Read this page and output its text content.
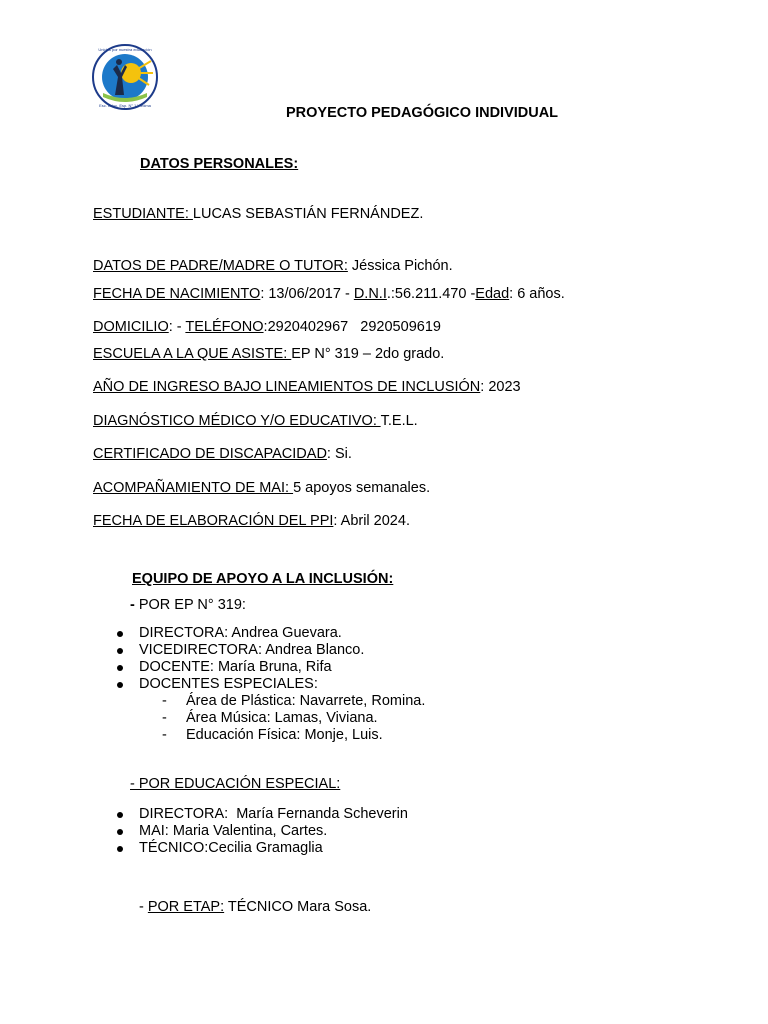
Unidos por nuestra educación
Esc. Educ. Esp. N° 1 Viedma	PROYECTO PEDAGÓGICO INDIVIDUAL
DATOS PERSONALES:
ESTUDIANTE: LUCAS SEBASTIÁN FERNÁNDEZ.
DATOS DE PADRE/MADRE O TUTOR: Jéssica Pichón.
FECHA DE NACIMIENTO: 13/06/2017 - D.N.I.:56.211.470 -Edad: 6 años.
DOMICILIO: - TELÉFONO:2920402967   2920509619
ESCUELA A LA QUE ASISTE: EP N° 319 – 2do grado.
AÑO DE INGRESO BAJO LINEAMIENTOS DE INCLUSIÓN: 2023
DIAGNÓSTICO MÉDICO Y/O EDUCATIVO: T.E.L.
CERTIFICADO DE DISCAPACIDAD: Si.
ACOMPAÑAMIENTO DE MAI: 5 apoyos semanales.
FECHA DE ELABORACIÓN DEL PPI: Abril 2024.
EQUIPO DE APOYO A LA INCLUSIÓN:
- POR EP N° 319:
DIRECTORA: Andrea Guevara.
VICEDIRECTORA: Andrea Blanco.
DOCENTE: María Bruna, Rifa
DOCENTES ESPECIALES:
- Área de Plástica: Navarrete, Romina.
- Área Música: Lamas, Viviana.
- Educación Física: Monje, Luis.
- POR EDUCACIÓN ESPECIAL:
DIRECTORA:  María Fernanda Scheverin
MAI: Maria Valentina, Cartes.
TÉCNICO:Cecilia Gramaglia
- POR ETAP: TÉCNICO Mara Sosa.
